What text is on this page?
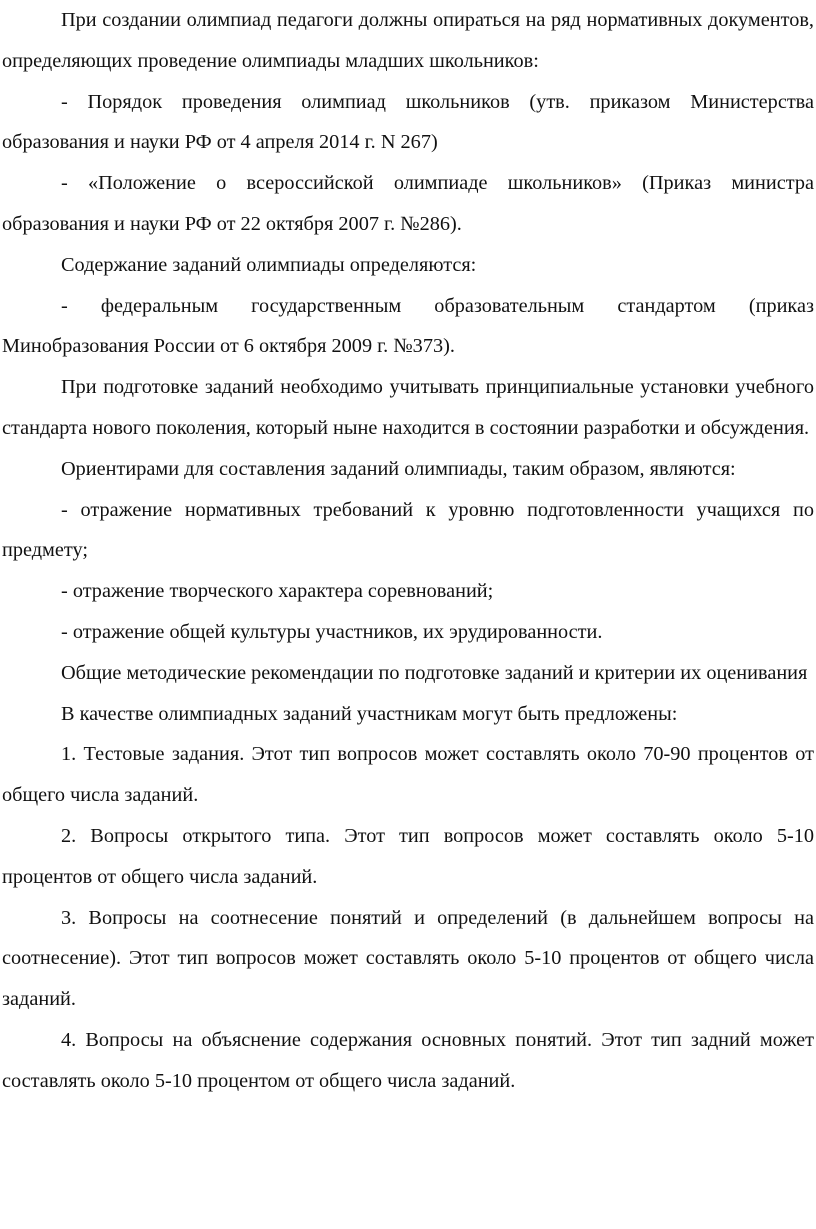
При создании олимпиад педагоги должны опираться на ряд нормативных документов, определяющих проведение олимпиады младших школьников:

- Порядок проведения олимпиад школьников (утв. приказом Министерства образования и науки РФ от 4 апреля 2014 г. N 267)

- «Положение о всероссийской олимпиаде школьников» (Приказ министра образования и науки РФ от 22 октября 2007 г. №286).

Содержание заданий олимпиады определяются:

- федеральным государственным образовательным стандартом (приказ Минобразования России от 6 октября 2009 г. №373).

При подготовке заданий необходимо учитывать принципиальные установки учебного стандарта нового поколения, который ныне находится в состоянии разработки и обсуждения.

Ориентирами для составления заданий олимпиады, таким образом, являются:

- отражение нормативных требований к уровню подготовленности учащихся по предмету;

- отражение творческого характера соревнований;

- отражение общей культуры участников, их эрудированности.

Общие методические рекомендации по подготовке заданий и критерии их оценивания

В качестве олимпиадных заданий участникам могут быть предложены:

1. Тестовые задания. Этот тип вопросов может составлять около 70-90 процентов от общего числа заданий.

2. Вопросы открытого типа. Этот тип вопросов может составлять около 5-10 процентов от общего числа заданий.

3. Вопросы на соотнесение понятий и определений (в дальнейшем вопросы на соотнесение). Этот тип вопросов может составлять около 5-10 процентов от общего числа заданий.

4. Вопросы на объяснение содержания основных понятий. Этот тип задний может составлять около 5-10 процентом от общего числа заданий.
